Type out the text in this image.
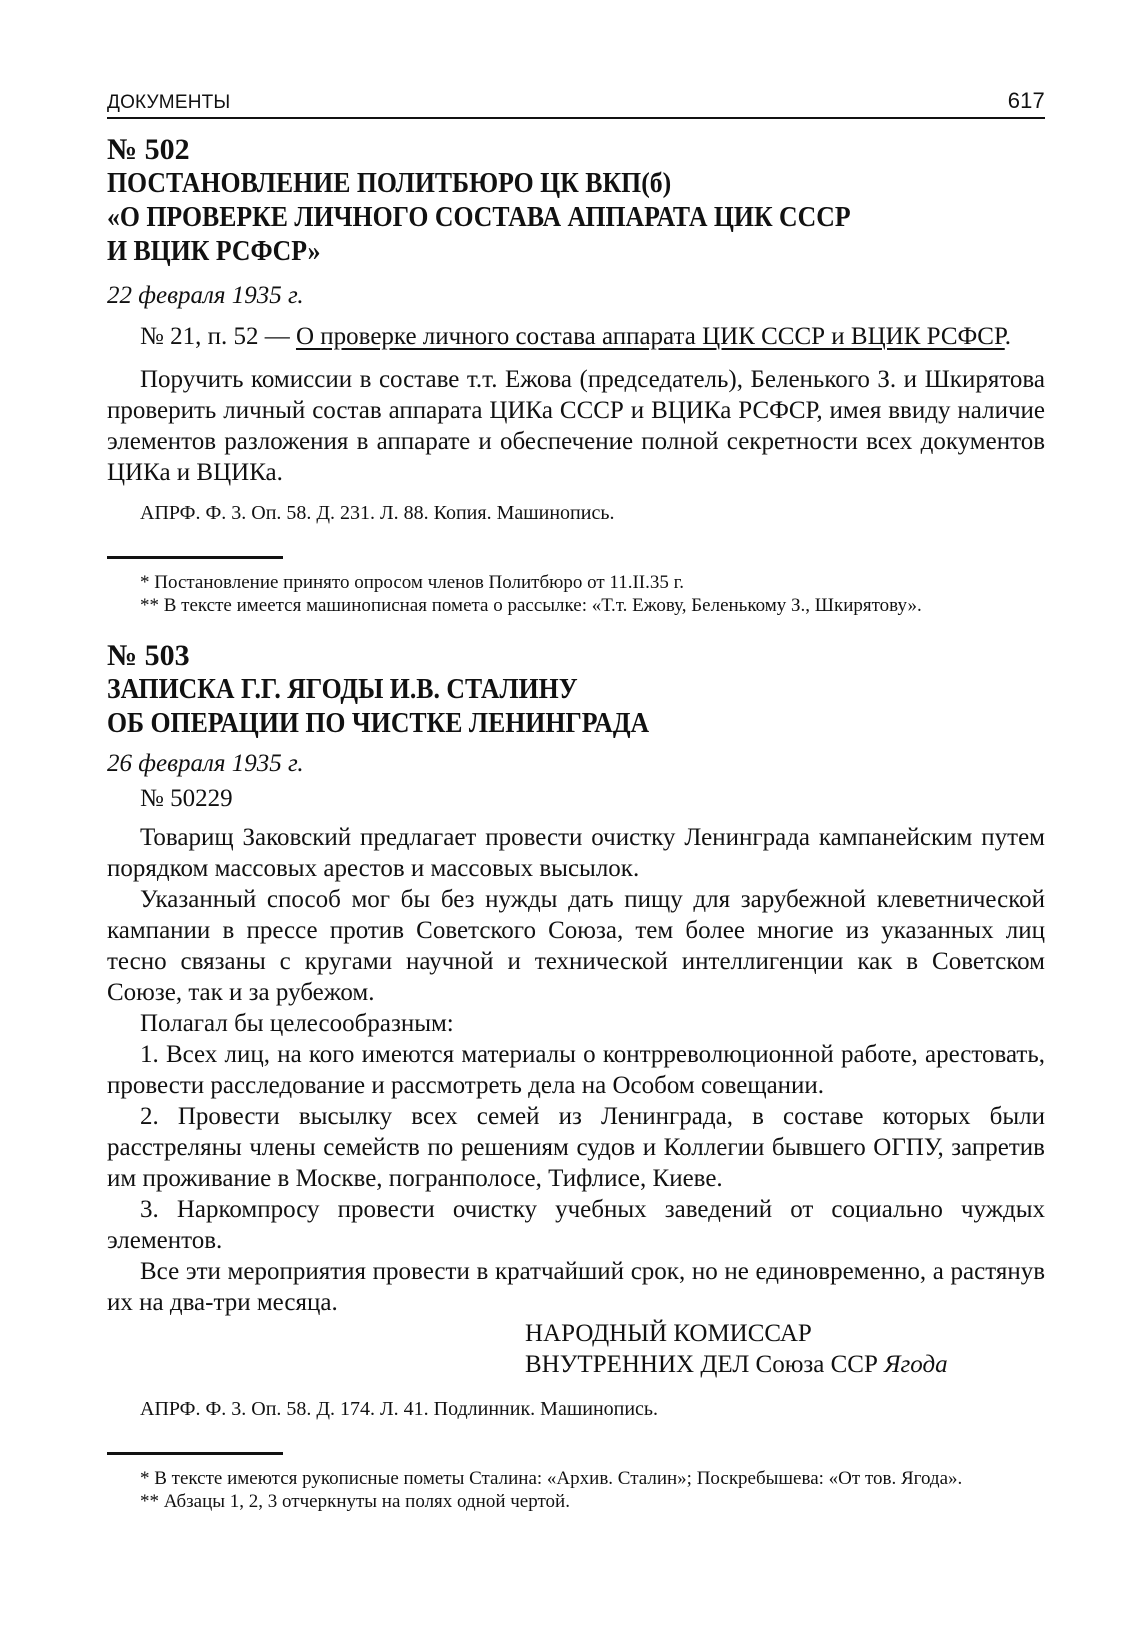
ДОКУМЕНТЫ	617
№ 502
ПОСТАНОВЛЕНИЕ ПОЛИТБЮРО ЦК ВКП(б)
«О ПРОВЕРКЕ ЛИЧНОГО СОСТАВА АППАРАТА ЦИК СССР
И ВЦИК РСФСР»
22 февраля 1935 г.
№ 21, п. 52 — О проверке личного состава аппарата ЦИК СССР и ВЦИК РСФСР.

Поручить комиссии в составе т.т. Ежова (председатель), Беленького З. и Шкирятова проверить личный состав аппарата ЦИКа СССР и ВЦИКа РСФСР, имея ввиду наличие элементов разложения в аппарате и обеспечение полной секретности всех документов ЦИКа и ВЦИКа.

АПРФ. Ф. 3. Оп. 58. Д. 231. Л. 88. Копия. Машинопись.

* Постановление принято опросом членов Политбюро от 11.II.35 г.

** В тексте имеется машинописная помета о рассылке: «Т.т. Ежову, Беленькому З., Шкирятову».

№ 503
ЗАПИСКА Г.Г. ЯГОДЫ И.В. СТАЛИНУ
ОБ ОПЕРАЦИИ ПО ЧИСТКЕ ЛЕНИНГРАДА
26 февраля 1935 г.

№ 50229

Товарищ Заковский предлагает провести очистку Ленинграда кампанейским путем порядком массовых арестов и массовых высылок.

Указанный способ мог бы без нужды дать пищу для зарубежной клеветнической кампании в прессе против Советского Союза, тем более многие из указанных лиц тесно связаны с кругами научной и технической интеллигенции как в Советском Союзе, так и за рубежом.

Полагал бы целесообразным:

1. Всех лиц, на кого имеются материалы о контрреволюционной работе, арестовать, провести расследование и рассмотреть дела на Особом совещании.

2. Провести высылку всех семей из Ленинграда, в составе которых были расстреляны члены семейств по решениям судов и Коллегии бывшего ОГПУ, запретив им проживание в Москве, погранполосе, Тифлисе, Киеве.

3. Наркомпросу провести очистку учебных заведений от социально чуждых элементов.

Все эти мероприятия провести в кратчайший срок, но не единовременно, а растянув их на два-три месяца.

НАРОДНЫЙ КОМИССАР
ВНУТРЕННИХ ДЕЛ Союза ССР Ягода
АПРФ. Ф. 3. Оп. 58. Д. 174. Л. 41. Подлинник. Машинопись.

* В тексте имеются рукописные пометы Сталина: «Архив. Сталин»; Поскребышева: «От тов. Ягода».

** Абзацы 1, 2, 3 отчеркнуты на полях одной чертой.
